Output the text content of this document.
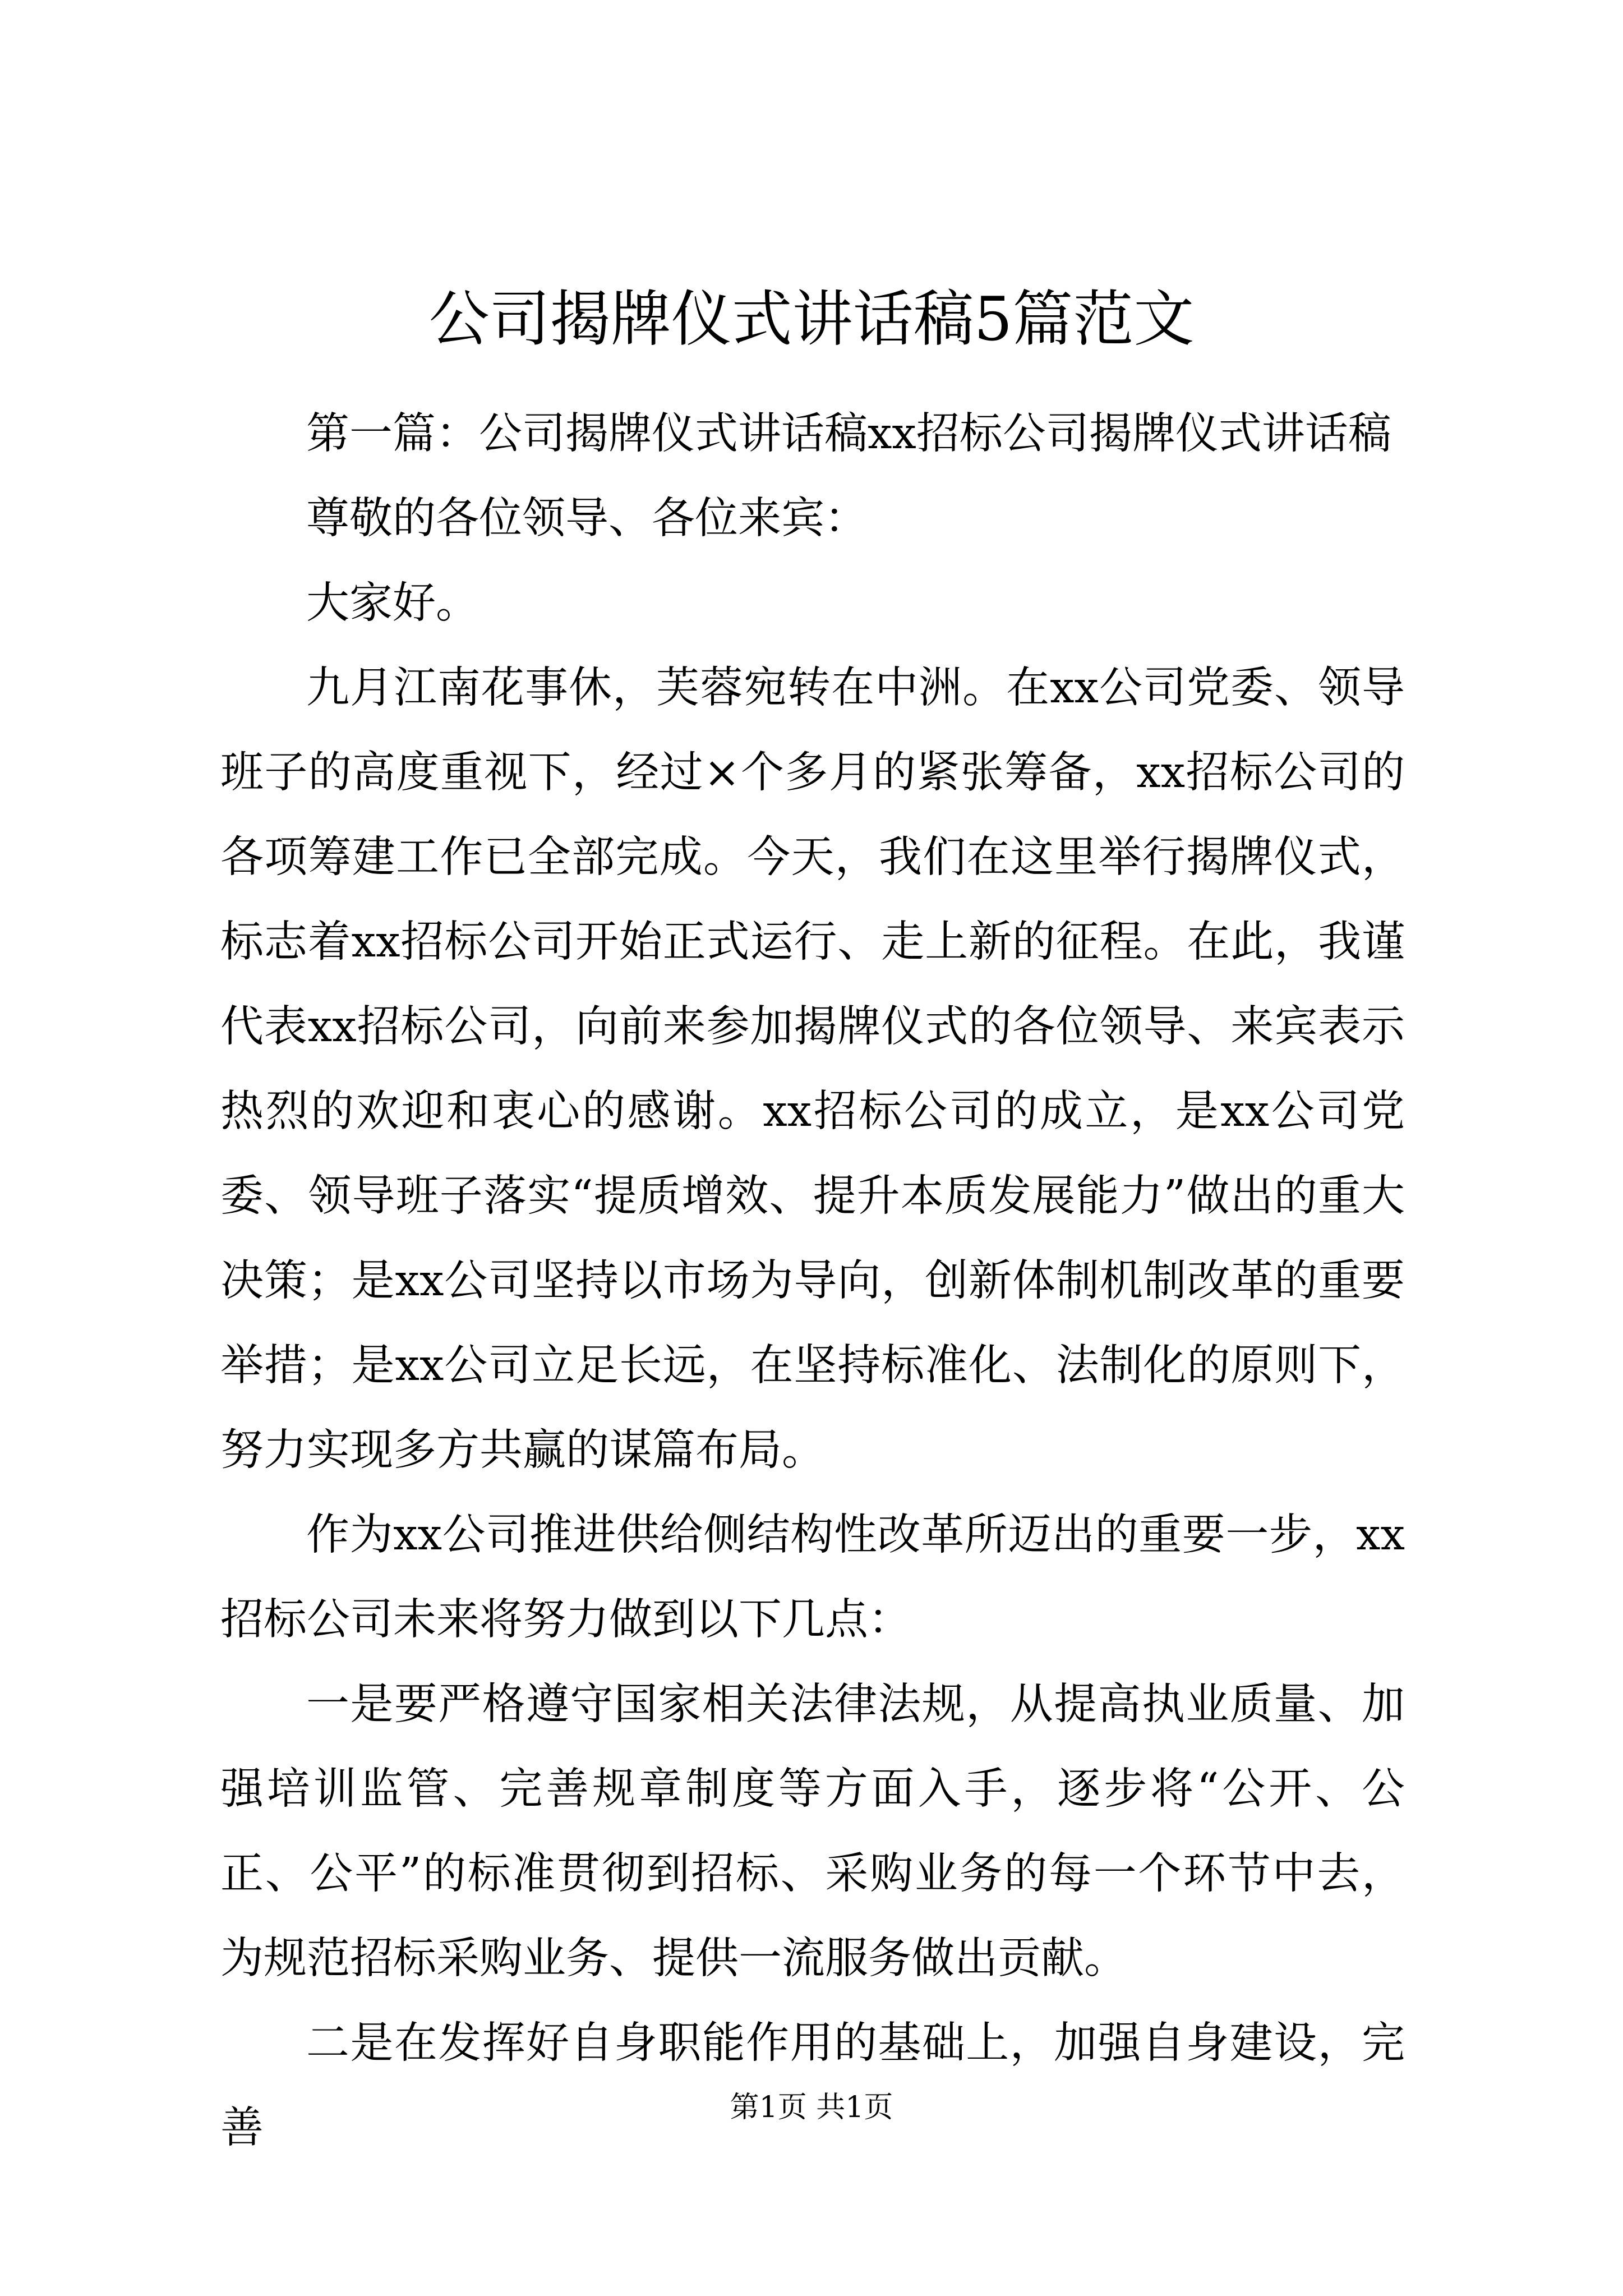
公司揭牌仪式讲话稿5篇范文

第一篇：公司揭牌仪式讲话稿xx招标公司揭牌仪式讲话稿

尊敬的各位领导、各位来宾：

大家好。

九月江南花事休，芙蓉宛转在中洲。在xx公司党委、领导班子的高度重视下，经过×个多月的紧张筹备，xx招标公司的各项筹建工作已全部完成。今天，我们在这里举行揭牌仪式，标志着xx招标公司开始正式运行、走上新的征程。在此，我谨代表xx招标公司，向前来参加揭牌仪式的各位领导、来宾表示热烈的欢迎和衷心的感谢。xx招标公司的成立，是xx公司党委、领导班子落实“提质增效、提升本质发展能力”做出的重大决策；是xx公司坚持以市场为导向，创新体制机制改革的重要举措；是xx公司立足长远，在坚持标准化、法制化的原则下，努力实现多方共赢的谋篇布局。

作为xx公司推进供给侧结构性改革所迈出的重要一步，xx招标公司未来将努力做到以下几点：

一是要严格遵守国家相关法律法规，从提高执业质量、加强培训监管、完善规章制度等方面入手，逐步将“公开、公正、公平”的标准贯彻到招标、采购业务的每一个环节中去，为规范招标采购业务、提供一流服务做出贡献。

二是在发挥好自身职能作用的基础上，加强自身建设，完善	第1页 共1页
